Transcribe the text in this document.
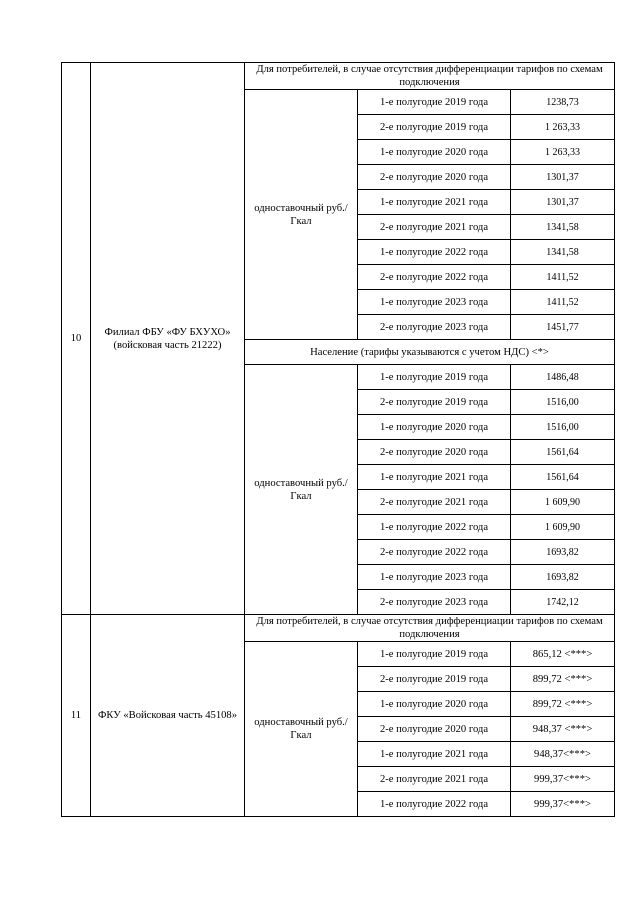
10	Филиал ФБУ «ФУ БХУХО» (войсковая часть 21222)	Для потребителей, в случае отсутствия дифференциации тарифов по схемам подключения		
		одноставочный руб./Гкал	1-е полугодие 2019 года	1238,73
			2-е полугодие 2019 года	1 263,33
			1-е полугодие 2020 года	1 263,33
			2-е полугодие 2020 года	1301,37
			1-е полугодие 2021 года	1301,37
			2-е полугодие 2021 года	1341,58
			1-е полугодие 2022 года	1341,58
			2-е полугодие 2022 года	1411,52
			1-е полугодие 2023 года	1411,52
			2-е полугодие 2023 года	1451,77
		Население (тарифы указываются с учетом НДС) <*>		
		одноставочный руб./Гкал	1-е полугодие 2019 года	1486,48
			2-е полугодие 2019 года	1516,00
			1-е полугодие 2020 года	1516,00
			2-е полугодие 2020 года	1561,64
			1-е полугодие 2021 года	1561,64
			2-е полугодие 2021 года	1 609,90
			1-е полугодие 2022 года	1 609,90
			2-е полугодие 2022 года	1693,82
			1-е полугодие 2023 года	1693,82
			2-е полугодие 2023 года	1742,12
11	ФКУ «Войсковая часть 45108»	Для потребителей, в случае отсутствия дифференциации тарифов по схемам подключения		
		одноставочный руб./Гкал	1-е полугодие 2019 года	865,12 <***>
			2-е полугодие 2019 года	899,72 <***>
			1-е полугодие 2020 года	899,72 <***>
			2-е полугодие 2020 года	948,37 <***>
			1-е полугодие 2021 года	948,37<***>
			2-е полугодие 2021 года	999,37<***>
			1-е полугодие 2022 года	999,37<***>
